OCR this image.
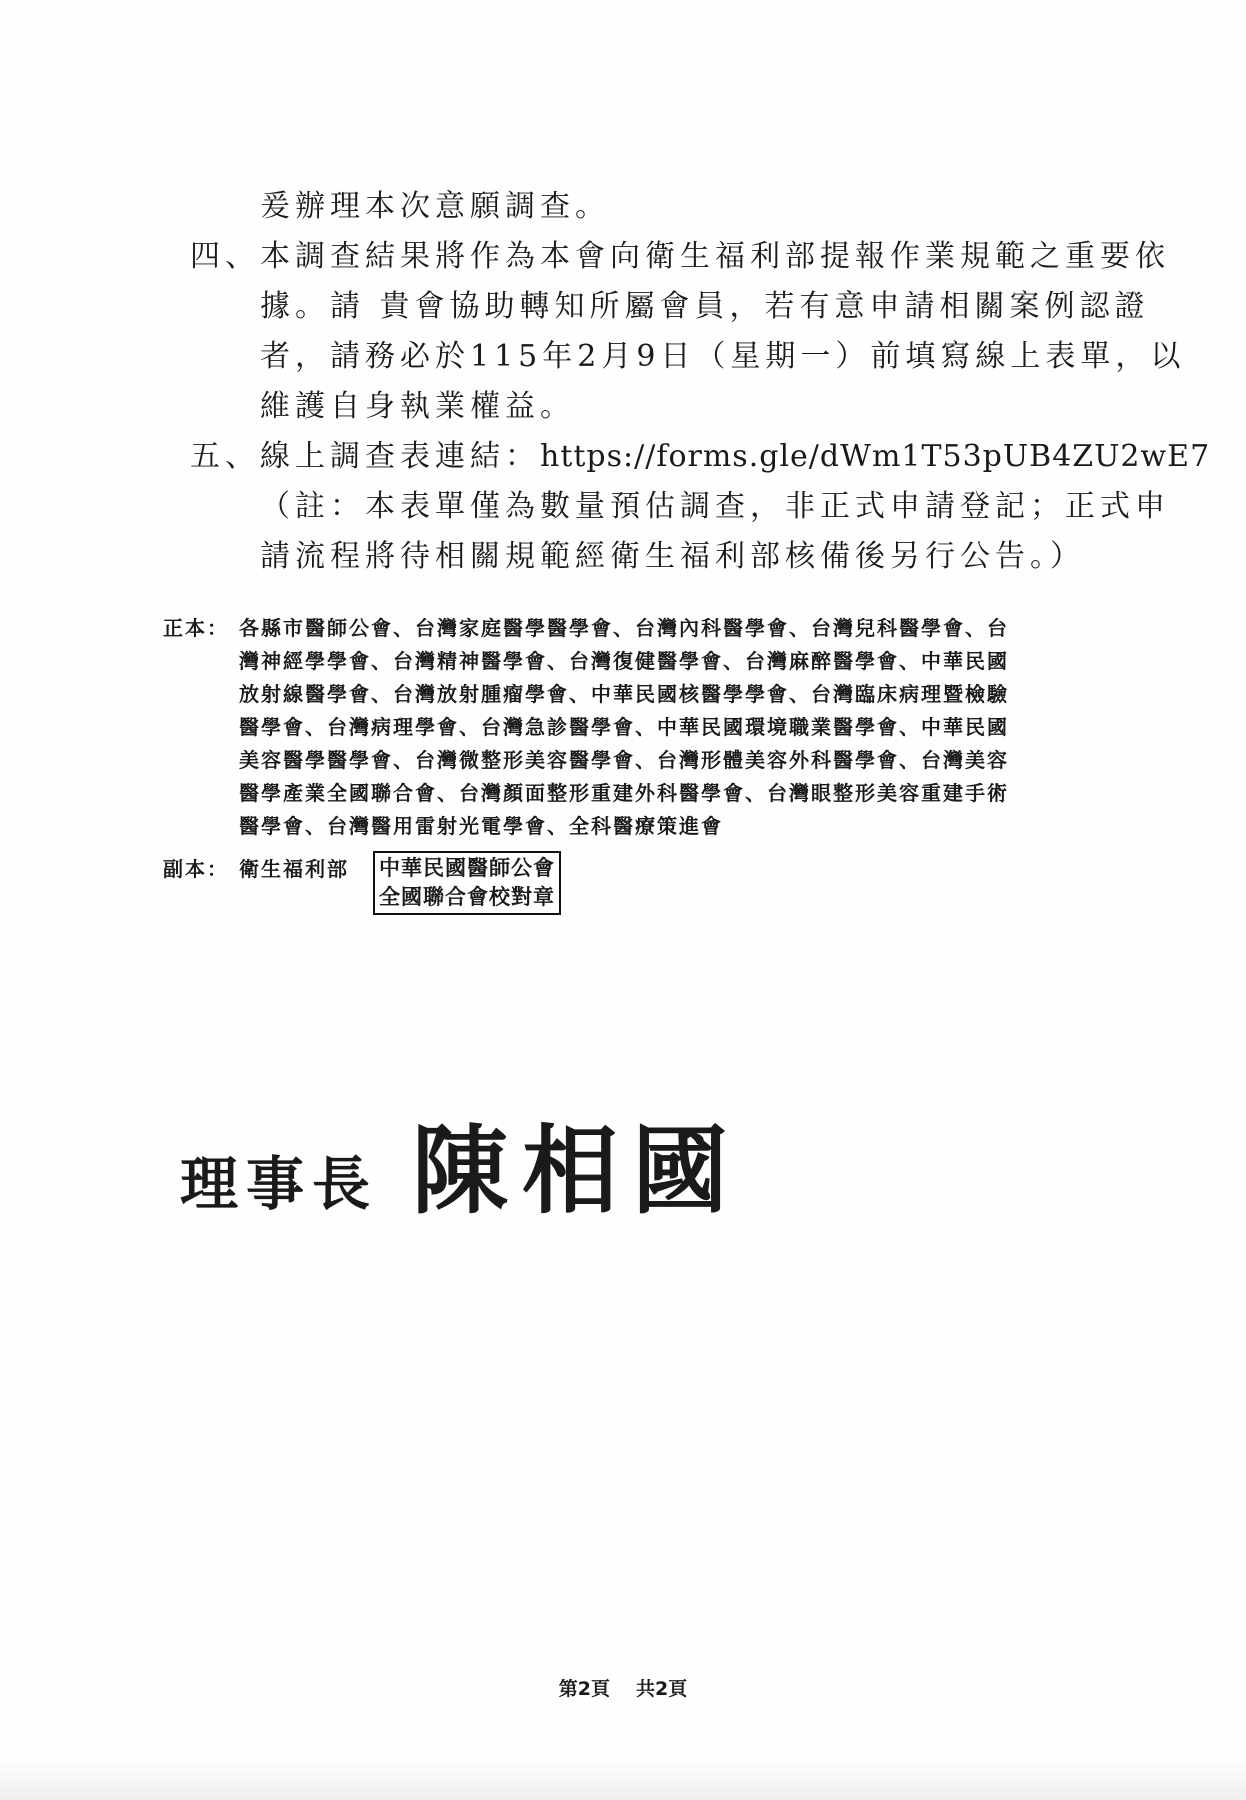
爰辦理本次意願調查。
四、 本調查結果將作為本會向衛生福利部提報作業規範之重要依
據。請 貴會協助轉知所屬會員，若有意申請相關案例認證
者，請務必於115年2月9日（星期一）前填寫線上表單，以
維護自身執業權益。
五、 線上調查表連結：https://forms.gle/dWm1T53pUB4ZU2wE7
（註：本表單僅為數量預估調查，非正式申請登記；正式申
請流程將待相關規範經衛生福利部核備後另行公告。）
正本： 各縣市醫師公會、台灣家庭醫學醫學會、台灣內科醫學會、台灣兒科醫學會、台
灣神經學學會、台灣精神醫學會、台灣復健醫學會、台灣麻醉醫學會、中華民國
放射線醫學會、台灣放射腫瘤學會、中華民國核醫學學會、台灣臨床病理暨檢驗
醫學會、台灣病理學會、台灣急診醫學會、中華民國環境職業醫學會、中華民國
美容醫學醫學會、台灣微整形美容醫學會、台灣形體美容外科醫學會、台灣美容
醫學產業全國聯合會、台灣顏面整形重建外科醫學會、台灣眼整形美容重建手術
醫學會、台灣醫用雷射光電學會、全科醫療策進會
副本： 衛生福利部 中華民國醫師公會
全國聯合會校對章
理事長 陳相國
第2頁 共2頁
